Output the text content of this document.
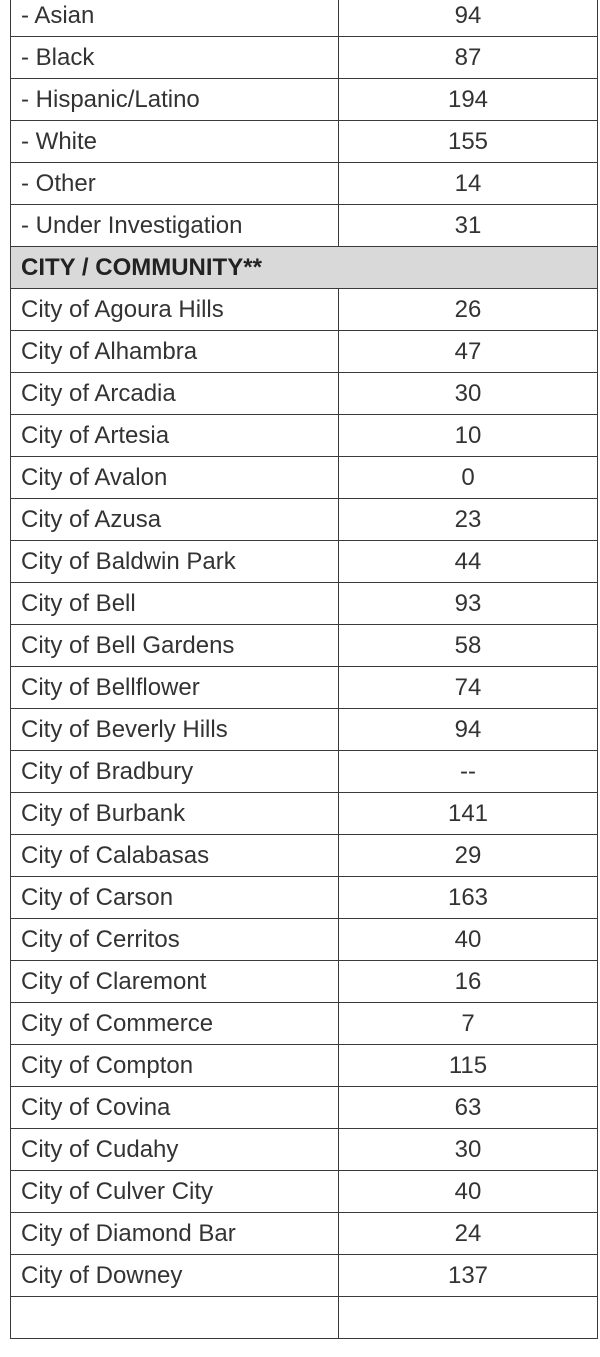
- Asian	94
- Black	87
- Hispanic/Latino	194
- White	155
- Other	14
- Under Investigation	31
CITY / COMMUNITY**	
City of Agoura Hills	26
City of Alhambra	47
City of Arcadia	30
City of Artesia	10
City of Avalon	0
City of Azusa	23
City of Baldwin Park	44
City of Bell	93
City of Bell Gardens	58
City of Bellflower	74
City of Beverly Hills	94
City of Bradbury	--
City of Burbank	141
City of Calabasas	29
City of Carson	163
City of Cerritos	40
City of Claremont	16
City of Commerce	7
City of Compton	115
City of Covina	63
City of Cudahy	30
City of Culver City	40
City of Diamond Bar	24
City of Downey	137
